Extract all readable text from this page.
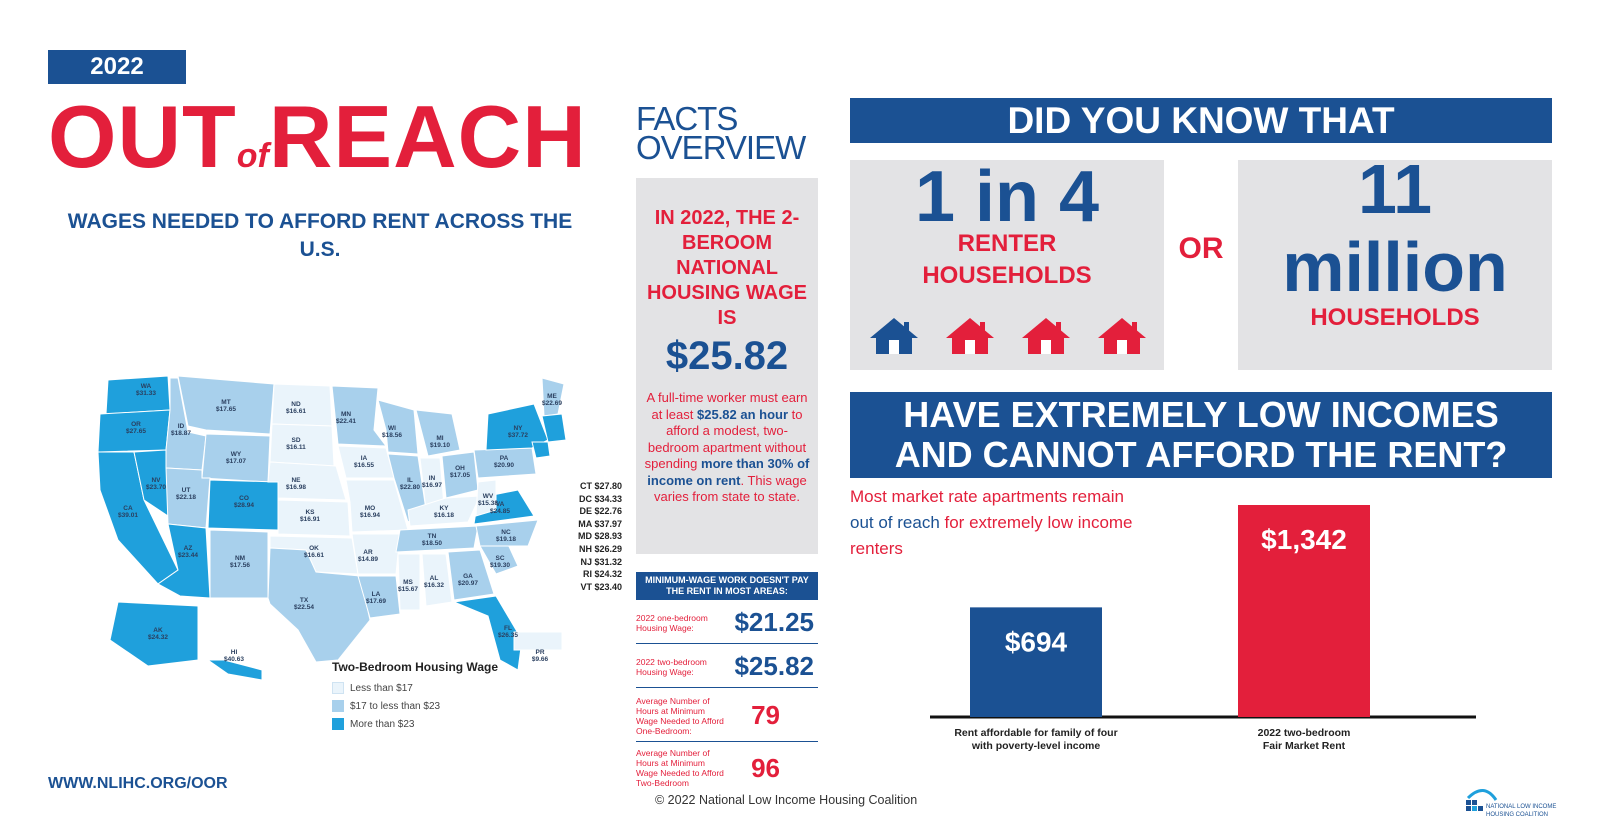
2022
OUTofREACH
WAGES NEEDED TO AFFORD RENT ACROSS THE U.S.
WA
$31.33
OR
$27.65
CA
$39.01
NV
$23.70
ID
$18.87
MT
$17.65
WY
$17.07
UT
$22.18
AZ
$23.44
CO
$28.94
NM
$17.56
ND
$16.61
SD
$16.11
NE
$16.98
KS
$16.91
OK
$16.61
TX
$22.54
MN
$22.41
IA
$16.55
MO
$16.94
AR
$14.89
LA
$17.69
WI
$18.56
IL
$22.80
MI
$19.10
IN
$16.97
OH
$17.05
KY
$16.18
TN
$18.50
MS
$15.67
AL
$16.32
GA
$20.97
FL
$26.35
SC
$19.30
NC
$19.18
VA
$24.85
WV
$15.38
PA
$20.90
NY
$37.72
ME
$22.69
AK
$24.32
HI
$40.63
PR
$9.66
CT $27.80
DC $34.33
DE $22.76
MA $37.97
MD $28.93
NH $26.29
NJ $31.32
RI $24.32
VT $23.40
Two-Bedroom Housing Wage
Less than $17
$17 to less than $23
More than $23
WWW.NLIHC.ORG/OOR
© 2022 National Low Income Housing Coalition
FACTS
OVERVIEW
IN 2022, THE 2-BEROOM NATIONAL HOUSING WAGE IS
$25.82
A full-time worker must earn at least $25.82 an hour to afford a modest, two-bedroom apartment without spending more than 30% of income on rent. This wage varies from state to state.
MINIMUM-WAGE WORK DOESN'T PAY THE RENT IN MOST AREAS:
2022 one-bedroom Housing Wage:	$21.25
2022 two-bedroom Housing Wage:	$25.82
Average Number of Hours at Minimum Wage Needed to Afford One-Bedroom:
79
Average Number of Hours at Minimum Wage Needed to Afford Two-Bedroom
96
DID YOU KNOW THAT
1 in 4
RENTER
HOUSEHOLDS
OR
11
million
HOUSEHOLDS
HAVE EXTREMELY LOW INCOMES
AND CANNOT AFFORD THE RENT?
Most market rate apartments remain out of reach for extremely low income renters
$694
Rent affordable for family of four
with poverty-level income
$1,342
2022 two-bedroom
Fair Market Rent
NATIONAL LOW INCOME
HOUSING COALITION
